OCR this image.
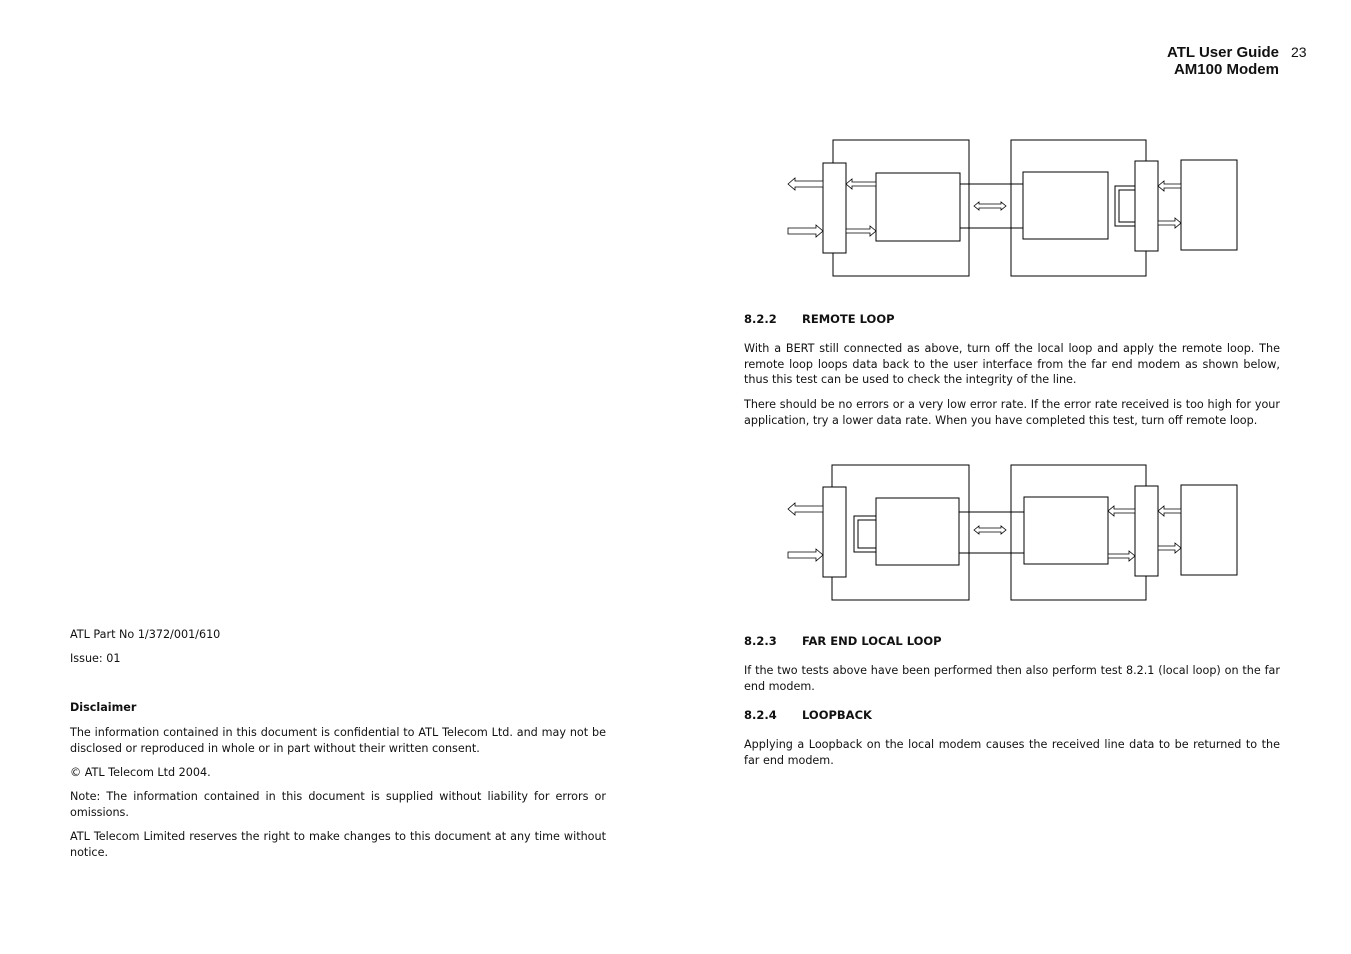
ATL User Guide
AM100 Modem
23
ATL Part No 1/372/001/610
Issue: 01
Disclaimer

The information contained in this document is confidential to ATL Telecom Ltd. and may not be disclosed or reproduced in whole or in part without their written consent.

© ATL Telecom Ltd 2004.

Note: The information contained in this document is supplied without liability for errors or omissions.

ATL Telecom Limited reserves the right to make changes to this document at any time without notice.

8.2.2 REMOTE LOOP

With a BERT still connected as above, turn off the local loop and apply the remote loop. The remote loop loops data back to the user interface from the far end modem as shown below, thus this test can be used to check the integrity of the line.

There should be no errors or a very low error rate. If the error rate received is too high for your application, try a lower data rate. When you have completed this test, turn off remote loop.

8.2.3 FAR END LOCAL LOOP

If the two tests above have been performed then also perform test 8.2.1 (local loop) on the far end modem.

8.2.4 LOOPBACK

Applying a Loopback on the local modem causes the received line data to be returned to the far end modem.
